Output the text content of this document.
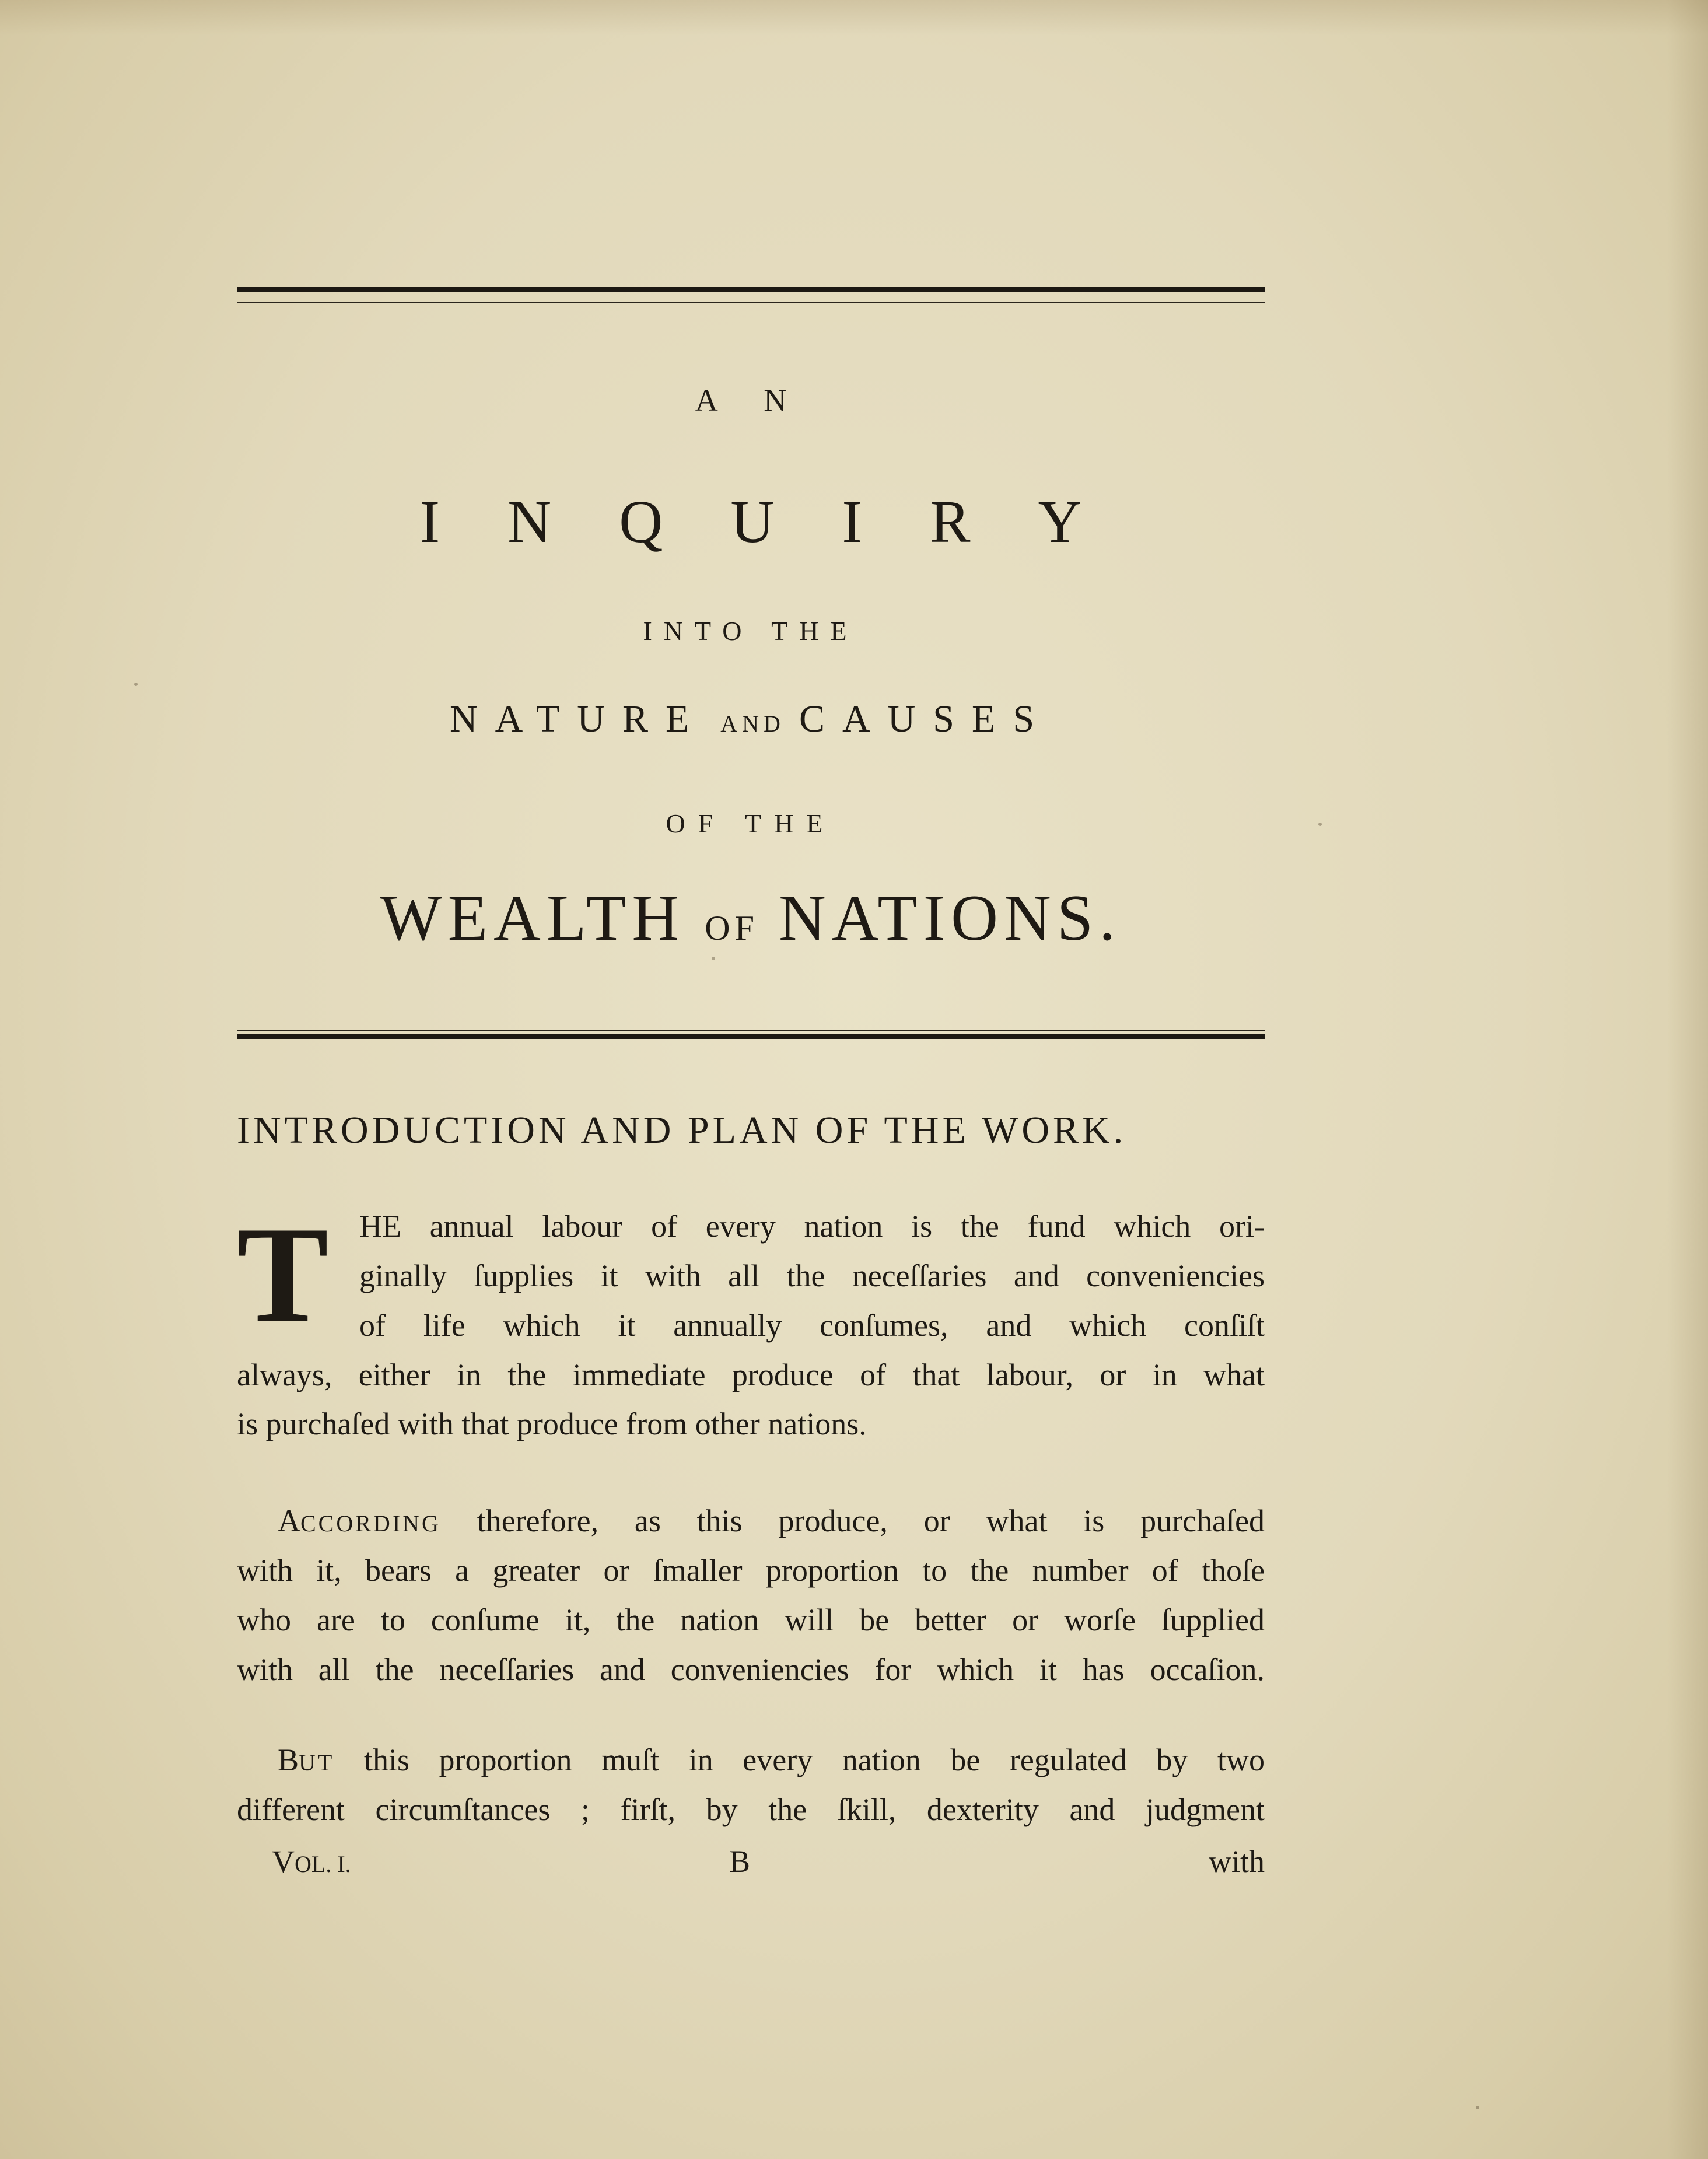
A N
I N Q U I R Y
INTO THE
NATURE AND CAUSES
OF THE
WEALTH OF NATIONS.
INTRODUCTION AND PLAN OF THE WORK.
T HE annual labour of every nation is the fund which ori-
ginally ſupplies it with all the neceſſaries and conveniencies
of life which it annually conſumes, and which conſiſt
always, either in the immediate produce of that labour, or in what
is purchaſed with that produce from other nations.
ACCORDING therefore, as this produce, or what is purchaſed
with it, bears a greater or ſmaller proportion to the number of thoſe
who are to conſume it, the nation will be better or worſe ſupplied
with all the neceſſaries and conveniencies for which it has occaſion.
BUT this proportion muſt in every nation be regulated by two
different circumſtances ; firſt, by the ſkill, dexterity and judgment
VOL. I.	B	with
